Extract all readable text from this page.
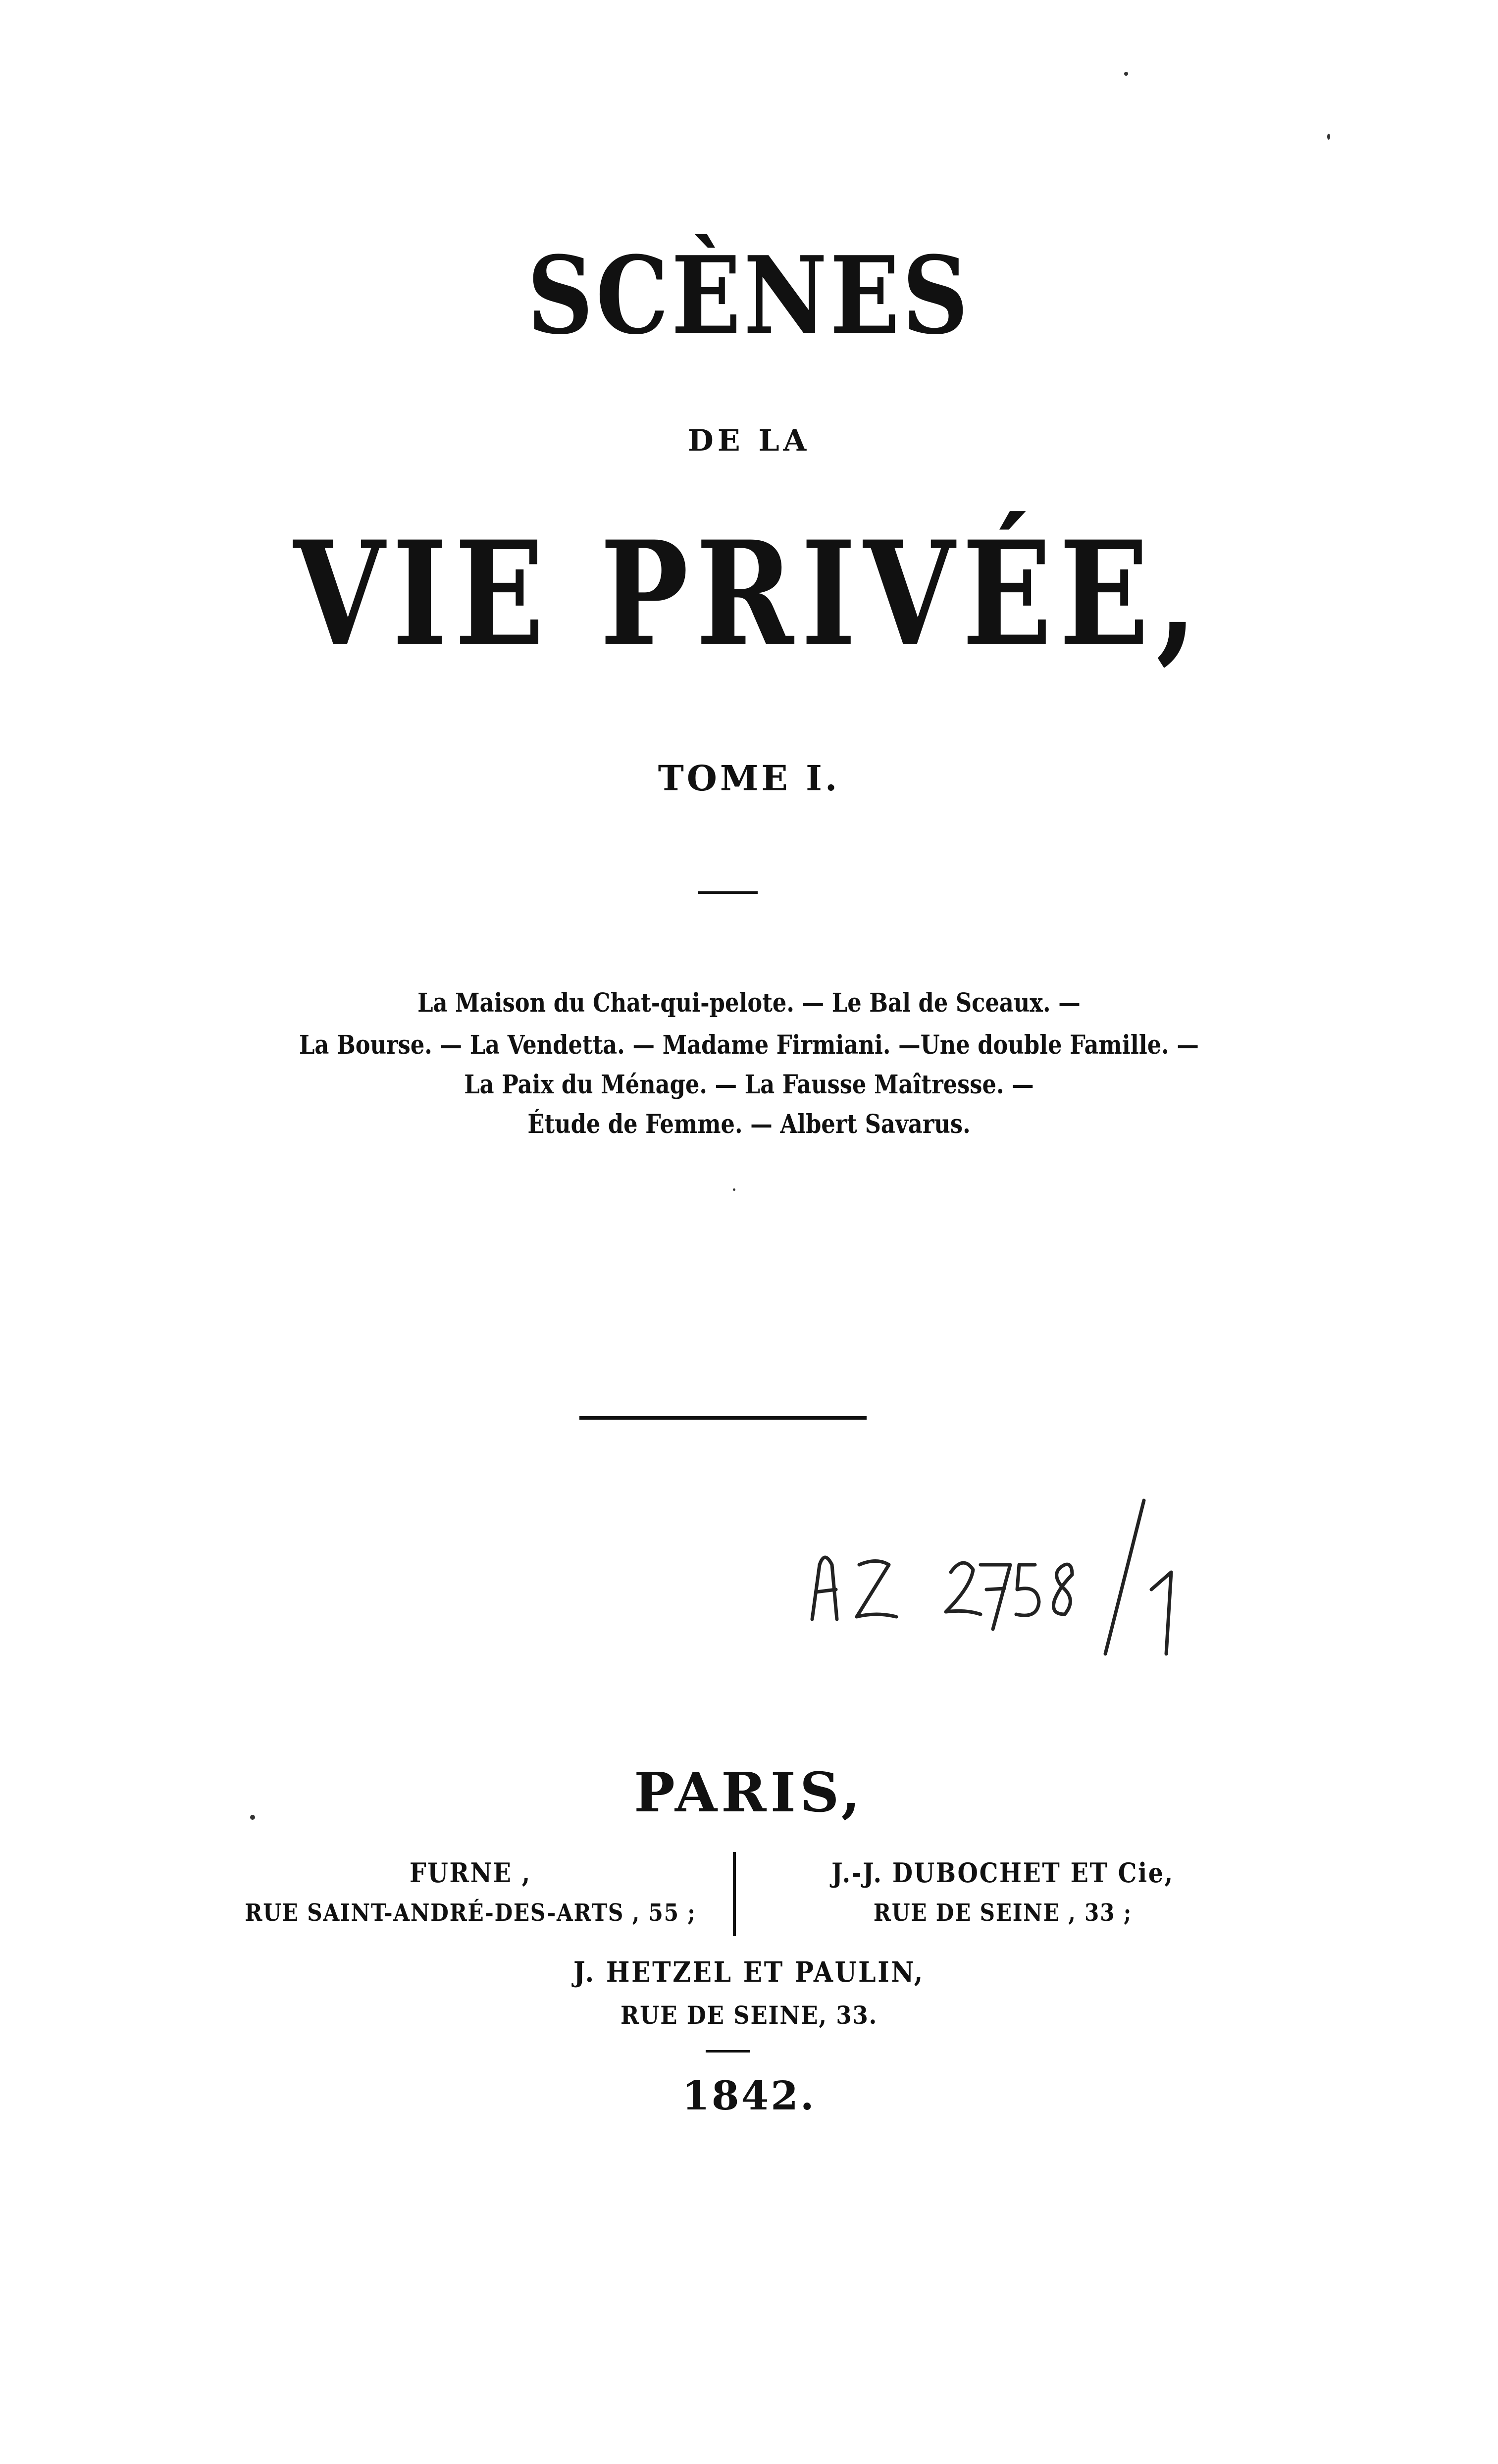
SCÈNES
DE LA
VIE PRIVÉE,
TOME I.
La Maison du Chat-qui-pelote. — Le Bal de Sceaux. —
La Bourse. — La Vendetta. — Madame Firmiani. —Une double Famille. —
La Paix du Ménage. — La Fausse Maîtresse. —
Étude de Femme. — Albert Savarus.
PARIS,
FURNE ,
RUE SAINT-ANDRÉ-DES-ARTS , 55 ;
J.-J. DUBOCHET ET Cie,
RUE DE SEINE , 33 ;
J. HETZEL ET PAULIN,
RUE DE SEINE, 33.
1842.
